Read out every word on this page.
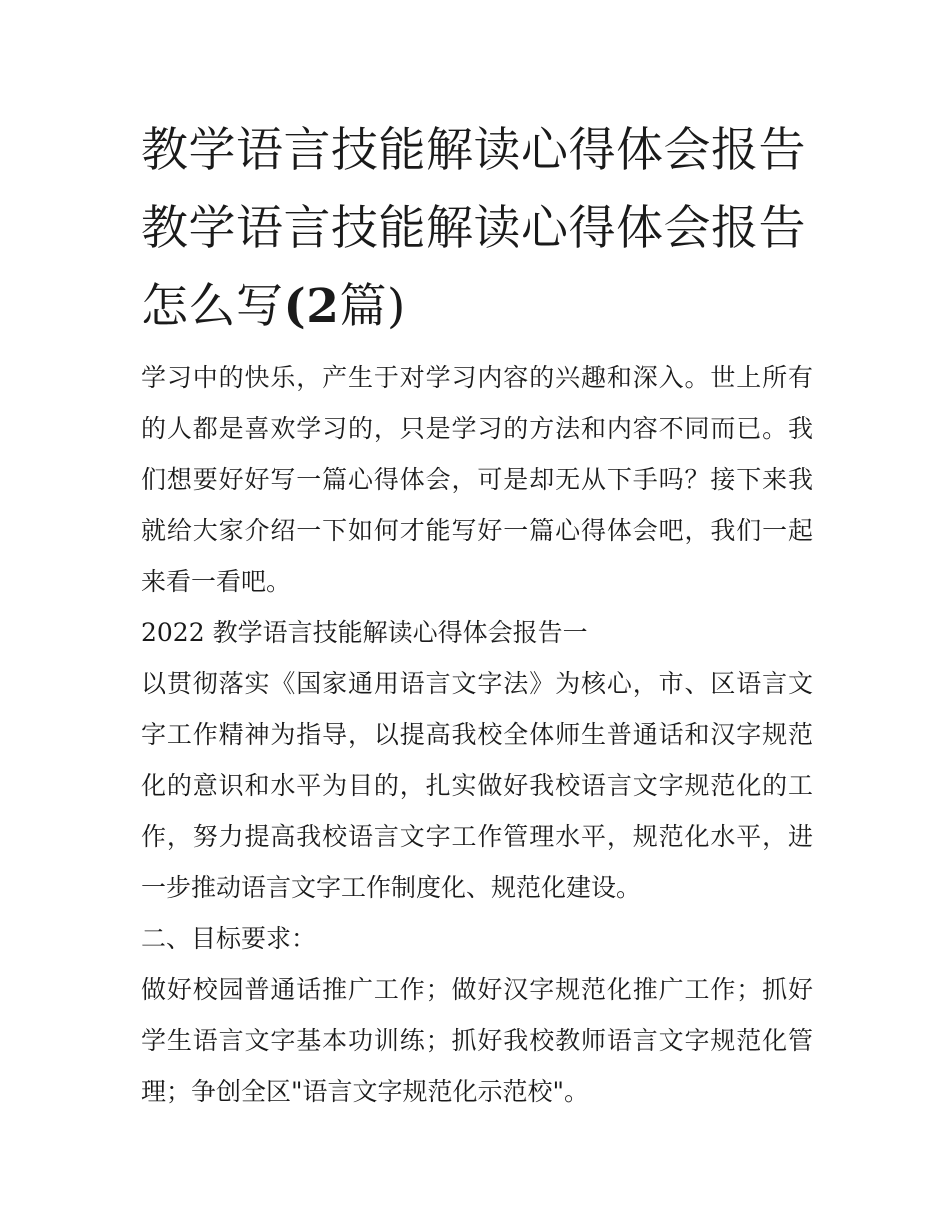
教学语言技能解读心得体会报告 教学语言技能解读心得体会报告怎么写(2篇)

学习中的快乐，产生于对学习内容的兴趣和深入。世上所有的人都是喜欢学习的，只是学习的方法和内容不同而已。我们想要好好写一篇心得体会，可是却无从下手吗？接下来我就给大家介绍一下如何才能写好一篇心得体会吧，我们一起来看一看吧。

2022 教学语言技能解读心得体会报告一

以贯彻落实《国家通用语言文字法》为核心，市、区语言文字工作精神为指导，以提高我校全体师生普通话和汉字规范化的意识和水平为目的，扎实做好我校语言文字规范化的工作，努力提高我校语言文字工作管理水平，规范化水平，进一步推动语言文字工作制度化、规范化建设。

二、目标要求：

做好校园普通话推广工作；做好汉字规范化推广工作；抓好学生语言文字基本功训练；抓好我校教师语言文字规范化管理；争创全区"语言文字规范化示范校"。
